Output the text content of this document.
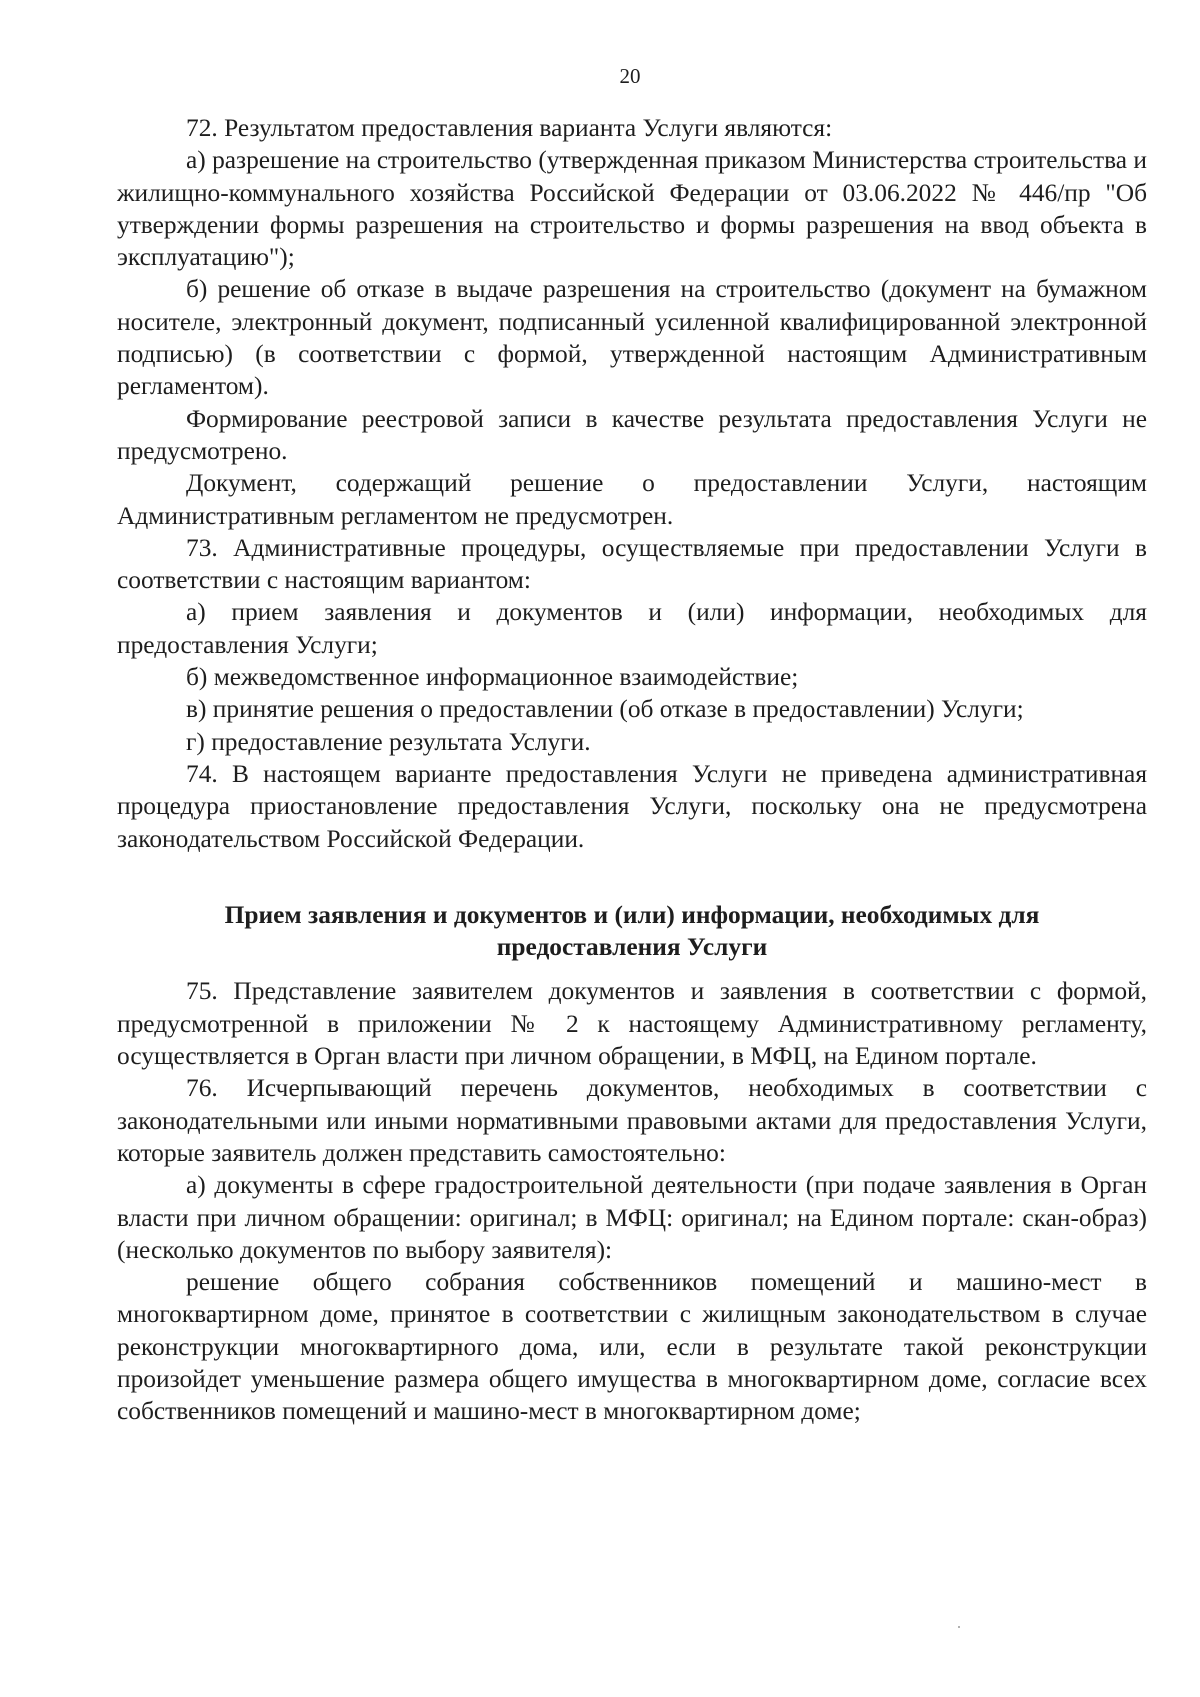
20

72. Результатом предоставления варианта Услуги являются:

а) разрешение на строительство (утвержденная приказом Министерства строительства и жилищно-коммунального хозяйства Российской Федерации от 03.06.2022 № 446/пр "Об утверждении формы разрешения на строительство и формы разрешения на ввод объекта в эксплуатацию");

б) решение об отказе в выдаче разрешения на строительство (документ на бумажном носителе, электронный документ, подписанный усиленной квалифицированной электронной подписью) (в соответствии с формой, утвержденной настоящим Административным регламентом).

Формирование реестровой записи в качестве результата предоставления Услуги не предусмотрено.

Документ, содержащий решение о предоставлении Услуги, настоящим Административным регламентом не предусмотрен.

73. Административные процедуры, осуществляемые при предоставлении Услуги в соответствии с настоящим вариантом:

а) прием заявления и документов и (или) информации, необходимых для предоставления Услуги;

б) межведомственное информационное взаимодействие;

в) принятие решения о предоставлении (об отказе в предоставлении) Услуги;

г) предоставление результата Услуги.

74. В настоящем варианте предоставления Услуги не приведена административная процедура приостановление предоставления Услуги, поскольку она не предусмотрена законодательством Российской Федерации.

Прием заявления и документов и (или) информации, необходимых для предоставления Услуги

75. Представление заявителем документов и заявления в соответствии с формой, предусмотренной в приложении № 2 к настоящему Административному регламенту, осуществляется в Орган власти при личном обращении, в МФЦ, на Едином портале.

76. Исчерпывающий перечень документов, необходимых в соответствии с законодательными или иными нормативными правовыми актами для предоставления Услуги, которые заявитель должен представить самостоятельно:

а) документы в сфере градостроительной деятельности (при подаче заявления в Орган власти при личном обращении: оригинал; в МФЦ: оригинал; на Едином портале: скан-образ) (несколько документов по выбору заявителя):

решение общего собрания собственников помещений и машино-мест в многоквартирном доме, принятое в соответствии с жилищным законодательством в случае реконструкции многоквартирного дома, или, если в результате такой реконструкции произойдет уменьшение размера общего имущества в многоквартирном доме, согласие всех собственников помещений и машино-мест в многоквартирном доме;
